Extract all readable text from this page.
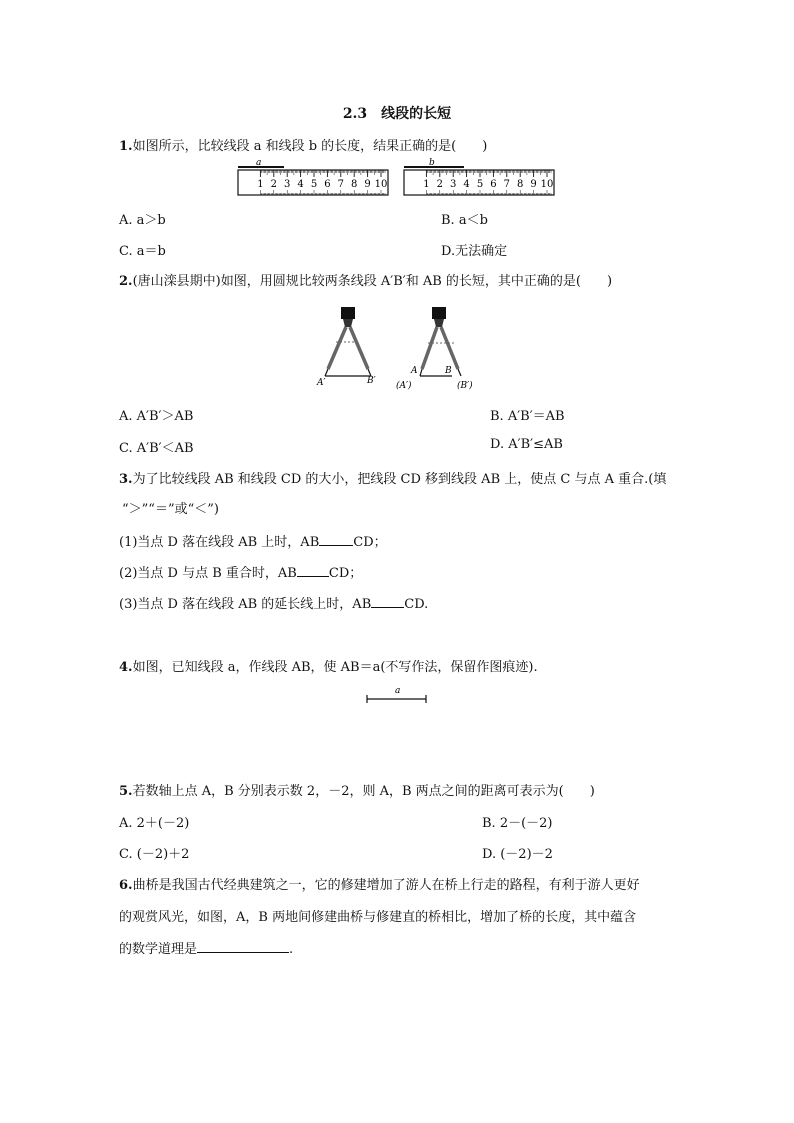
2.3　线段的长短
1.如图所示，比较线段 a 和线段 b 的长度，结果正确的是(　　)
a	b
1 2 3 4 5 6 7 8 9 10	1 2 3 4 5 6 7 8 9 10
A. a＞b	B. a＜b
C. a＝b	D.无法确定
2.(唐山滦县期中)如图，用圆规比较两条线段 A′B′和 AB 的长短，其中正确的是(　　)
A′	B′
A	B
(A′)	(B′)
A. A′B′＞AB	B. A′B′＝AB
C. A′B′＜AB	D. A′B′≤AB
3.为了比较线段 AB 和线段 CD 的大小，把线段 CD 移到线段 AB 上，使点 C 与点 A 重合.(填
“＞”“＝”或“＜”)
(1)当点 D 落在线段 AB 上时，AB	CD；
(2)当点 D 与点 B 重合时，AB CD；
(3)当点 D 落在线段 AB 的延长线上时，AB	CD.
4.如图，已知线段 a，作线段 AB，使 AB＝a(不写作法，保留作图痕迹).
a
5.若数轴上点 A，B 分别表示数 2，－2，则 A，B 两点之间的距离可表示为(　　)
A. 2＋(－2)	B. 2－(－2)
C. (－2)＋2	D. (－2)－2
6.曲桥是我国古代经典建筑之一，它的修建增加了游人在桥上行走的路程，有利于游人更好
的观赏风光，如图，A，B 两地间修建曲桥与修建直的桥相比，增加了桥的长度，其中蕴含
的数学道理是	.
